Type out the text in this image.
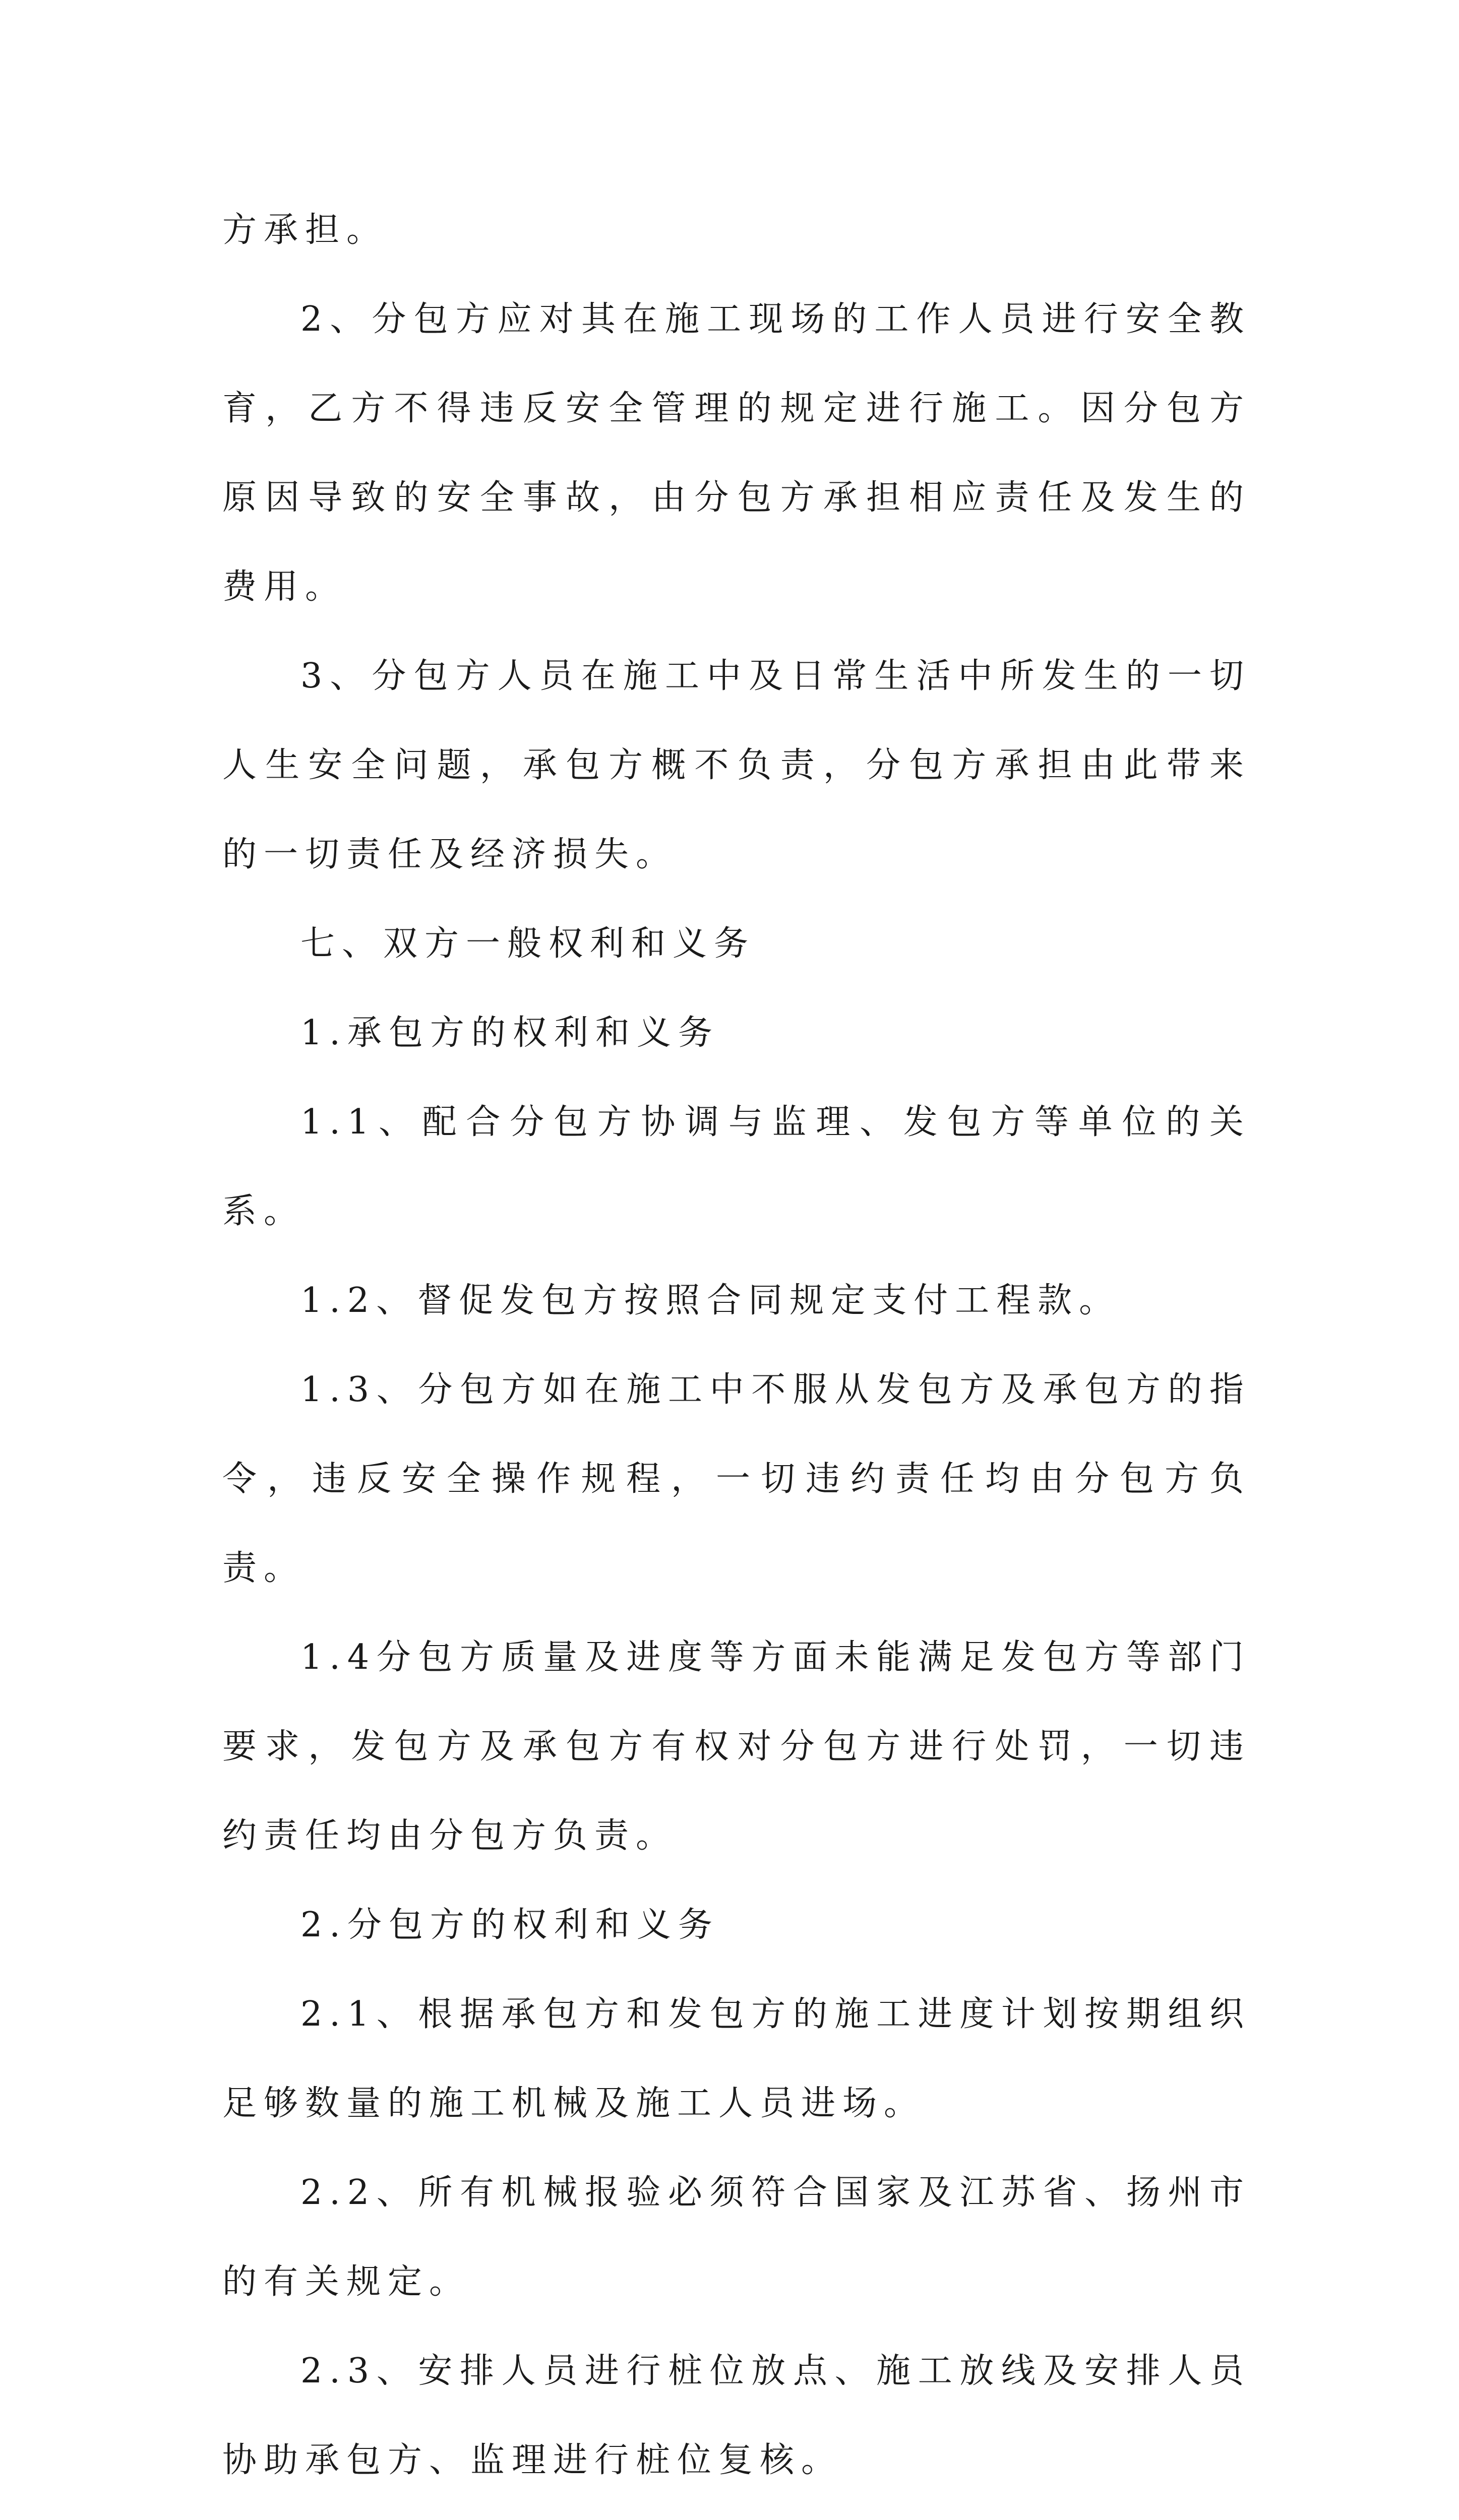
方承担。

2、分包方应对其在施工现场的工作人员进行安全教育，乙方不得违反安全管理的规定进行施工。因分包方原因导致的安全事故，由分包方承担相应责任及发生的费用。

3、分包方人员在施工中及日常生活中所发生的一切人生安全问题，承包方概不负责，分包方承担由此带来的一切责任及经济损失。

七、双方一般权利和义务

1.承包方的权利和义务

1.1、配合分包方协调与监理、发包方等单位的关系。

1.2、督促发包方按照合同规定支付工程款。

1.3、分包方如在施工中不服从发包方及承包方的指令，违反安全操作规程，一切违约责任均由分包方负责。

1.4分包方质量及进度等方面未能满足发包方等部门要求，发包方及承包方有权对分包方进行处罚，一切违约责任均由分包方负责。

2.分包方的权利和义务

2.1、根据承包方和发包方的施工进度计划按期组织足够数量的施工机械及施工人员进场。

2.2、所有机械报验必须符合国家及江苏省、扬州市的有关规定。

2.3、安排人员进行桩位放点、施工放线及安排人员协助承包方、监理进行桩位复核。
